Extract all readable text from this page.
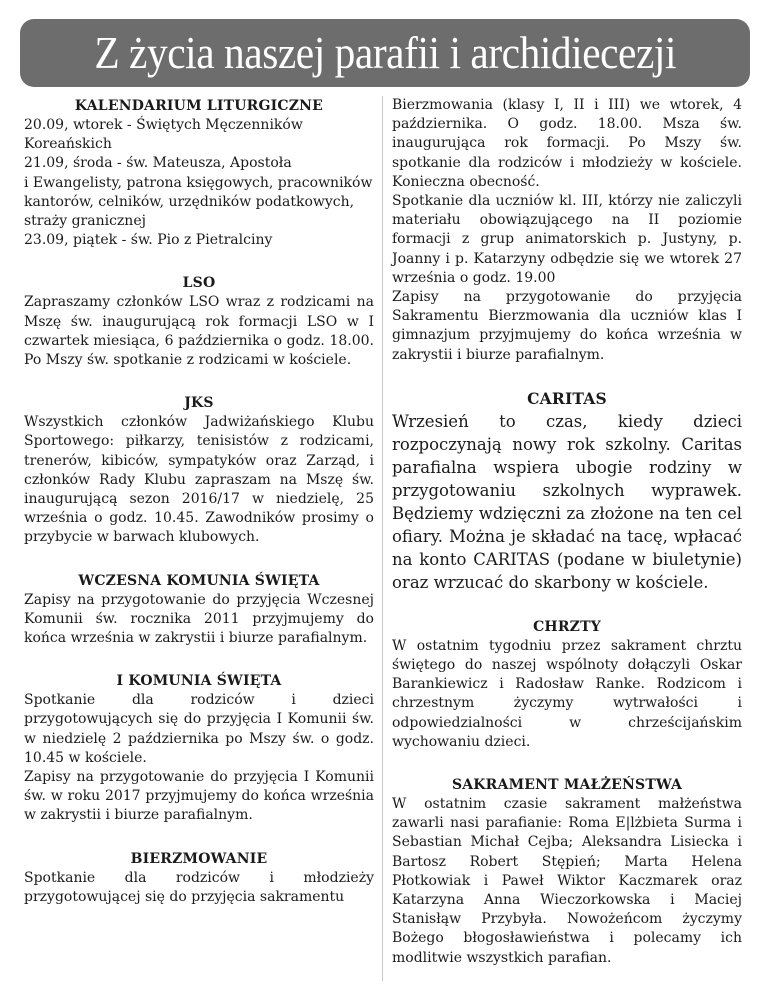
Z życia naszej parafii i archidiecezji
KALENDARIUM LITURGICZNE

20.09, wtorek - Świętych Męczenników Koreańskich

21.09, środa - św. Mateusza, Apostoła

i Ewangelisty, patrona księgowych, pracowników kantorów, celników, urzędników podatkowych, straży granicznej

23.09, piątek - św. Pio z Pietralciny

LSO

Zapraszamy członków LSO wraz z rodzicami na Mszę św. inaugurującą rok formacji LSO w I czwartek miesiąca, 6 października o godz. 18.00. Po Mszy św. spotkanie z rodzicami w kościele.

JKS

Wszystkich członków Jadwiżańskiego Klubu Sportowego: piłkarzy, tenisistów z rodzicami, trenerów, kibiców, sympatyków oraz Zarząd, i członków Rady Klubu zapraszam na Mszę św. inaugurującą sezon 2016/17 w niedzielę, 25 września o godz. 10.45. Zawodników prosimy o przybycie w barwach klubowych.

WCZESNA KOMUNIA ŚWIĘTA

Zapisy na przygotowanie do przyjęcia Wczesnej Komunii św. rocznika 2011 przyjmujemy do końca września w zakrystii i biurze parafialnym.

I KOMUNIA ŚWIĘTA

Spotkanie dla rodziców i dzieci przygotowujących się do przyjęcia I Komunii św. w niedzielę 2 października po Mszy św. o godz. 10.45 w kościele.

Zapisy na przygotowanie do przyjęcia I Komunii św. w roku 2017 przyjmujemy do końca września w zakrystii i biurze parafialnym.

BIERZMOWANIE

Spotkanie dla rodziców i młodzieży przygotowującej się do przyjęcia sakramentu

Bierzmowania (klasy I, II i III) we wtorek, 4 października. O godz. 18.00. Msza św. inaugurująca rok formacji. Po Mszy św. spotkanie dla rodziców i młodzieży w kościele. Konieczna obecność.

Spotkanie dla uczniów kl. III, którzy nie zaliczyli materiału obowiązującego na II poziomie formacji z grup animatorskich p. Justyny, p. Joanny i p. Katarzyny odbędzie się we wtorek 27 września o godz. 19.00

Zapisy na przygotowanie do przyjęcia Sakramentu Bierzmowania dla uczniów klas I gimnazjum przyjmujemy do końca września w zakrystii i biurze parafialnym.

CARITAS

Wrzesień to czas, kiedy dzieci rozpoczynają nowy rok szkolny. Caritas parafialna wspiera ubogie rodziny w przygotowaniu szkolnych wyprawek. Będziemy wdzięczni za złożone na ten cel ofiary. Można je składać na tacę, wpłacać na konto CARITAS (podane w biuletynie) oraz wrzucać do skarbony w kościele.

CHRZTY

W ostatnim tygodniu przez sakrament chrztu świętego do naszej wspólnoty dołączyli Oskar Barankiewicz i Radosław Ranke. Rodzicom i chrzestnym życzymy wytrwałości i odpowiedzialności w chrześcijańskim wychowaniu dzieci.

SAKRAMENT MAŁŻEŃSTWA

W ostatnim czasie sakrament małżeństwa zawarli nasi parafianie: Roma E|lżbieta Surma i Sebastian Michał Cejba; Aleksandra Lisiecka i Bartosz Robert Stępień; Marta Helena Płotkowiak i Paweł Wiktor Kaczmarek oraz Katarzyna Anna Wieczorkowska i Maciej Stanisłąw Przybyła. Nowożeńcom życzymy Bożego błogosławieństwa i polecamy ich modlitwie wszystkich parafian.
